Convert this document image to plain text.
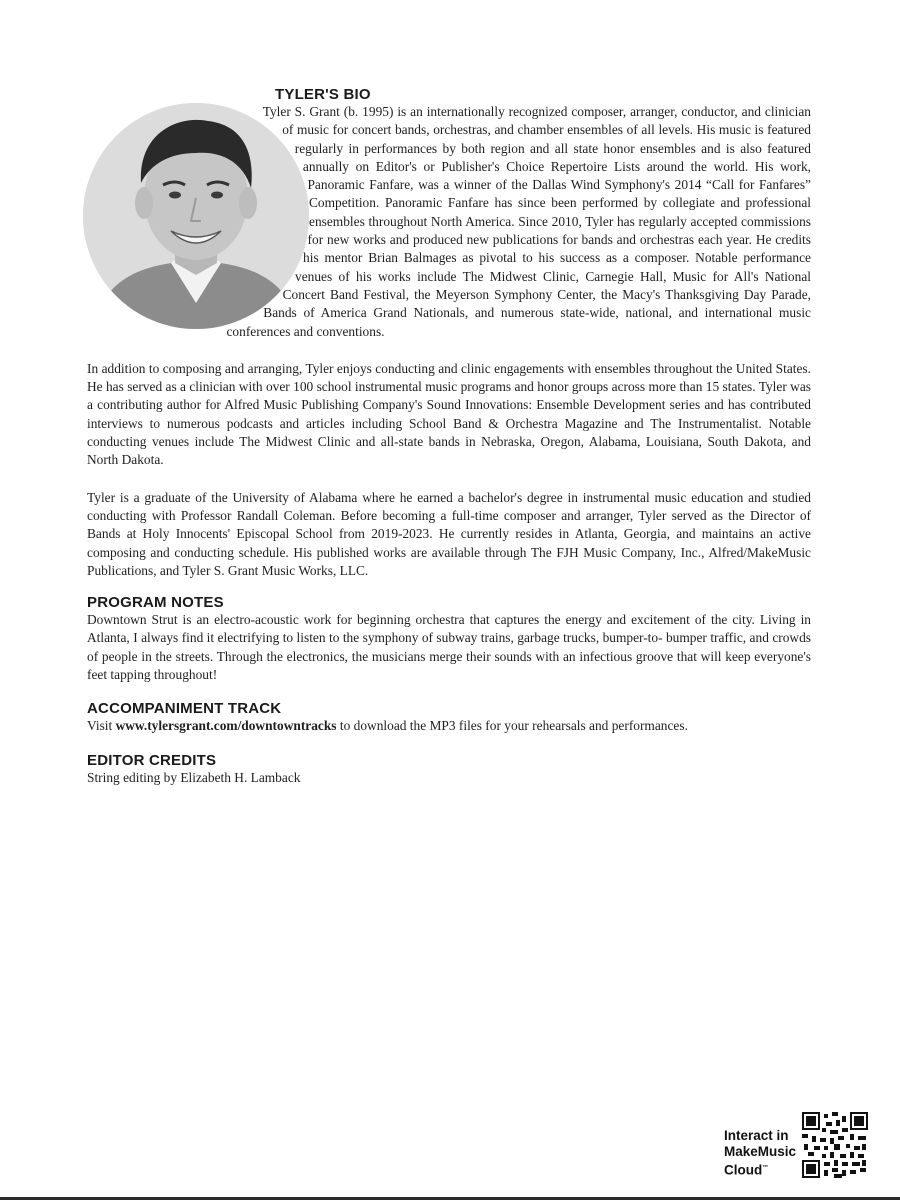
TYLER'S BIO

Tyler S. Grant (b. 1995) is an internationally recognized composer, arranger, conductor, and clinician of music for concert bands, orchestras, and chamber ensembles of all levels. His music is featured regularly in performances by both region and all state honor ensembles and is also featured annually on Editor's or Publisher's Choice Repertoire Lists around the world. His work, Panoramic Fanfare, was a winner of the Dallas Wind Symphony's 2014 “Call for Fanfares” Competition. Panoramic Fanfare has since been performed by collegiate and professional ensembles throughout North America. Since 2010, Tyler has regularly accepted commissions for new works and produced new publications for bands and orchestras each year. He credits his mentor Brian Balmages as pivotal to his success as a composer. Notable performance venues of his works include The Midwest Clinic, Carnegie Hall, Music for All's National Concert Band Festival, the Meyerson Symphony Center, the Macy's Thanksgiving Day Parade, Bands of America Grand Nationals, and numerous state-wide, national, and international music conferences and conventions.

In addition to composing and arranging, Tyler enjoys conducting and clinic engagements with ensembles throughout the United States. He has served as a clinician with over 100 school instrumental music programs and honor groups across more than 15 states. Tyler was a contributing author for Alfred Music Publishing Company's Sound Innovations: Ensemble Development series and has contributed interviews to numerous podcasts and articles including School Band & Orchestra Magazine and The Instrumentalist. Notable conducting venues include The Midwest Clinic and all-state bands in Nebraska, Oregon, Alabama, Louisiana, South Dakota, and North Dakota.

Tyler is a graduate of the University of Alabama where he earned a bachelor's degree in instrumental music education and studied conducting with Professor Randall Coleman. Before becoming a full-time composer and arranger, Tyler served as the Director of Bands at Holy Innocents' Episcopal School from 2019-2023. He currently resides in Atlanta, Georgia, and maintains an active composing and conducting schedule. His published works are available through The FJH Music Company, Inc., Alfred/MakeMusic Publications, and Tyler S. Grant Music Works, LLC.

PROGRAM NOTES

Downtown Strut is an electro-acoustic work for beginning orchestra that captures the energy and excitement of the city. Living in Atlanta, I always find it electrifying to listen to the symphony of subway trains, garbage trucks, bumper-to- bumper traffic, and crowds of people in the streets. Through the electronics, the musicians merge their sounds with an infectious groove that will keep everyone's feet tapping throughout!

ACCOMPANIMENT TRACK

Visit www.tylersgrant.com/downtowntracks to download the MP3 files for your rehearsals and performances.

EDITOR CREDITS

String editing by Elizabeth H. Lamback

Interact in
MakeMusic
Cloud™
